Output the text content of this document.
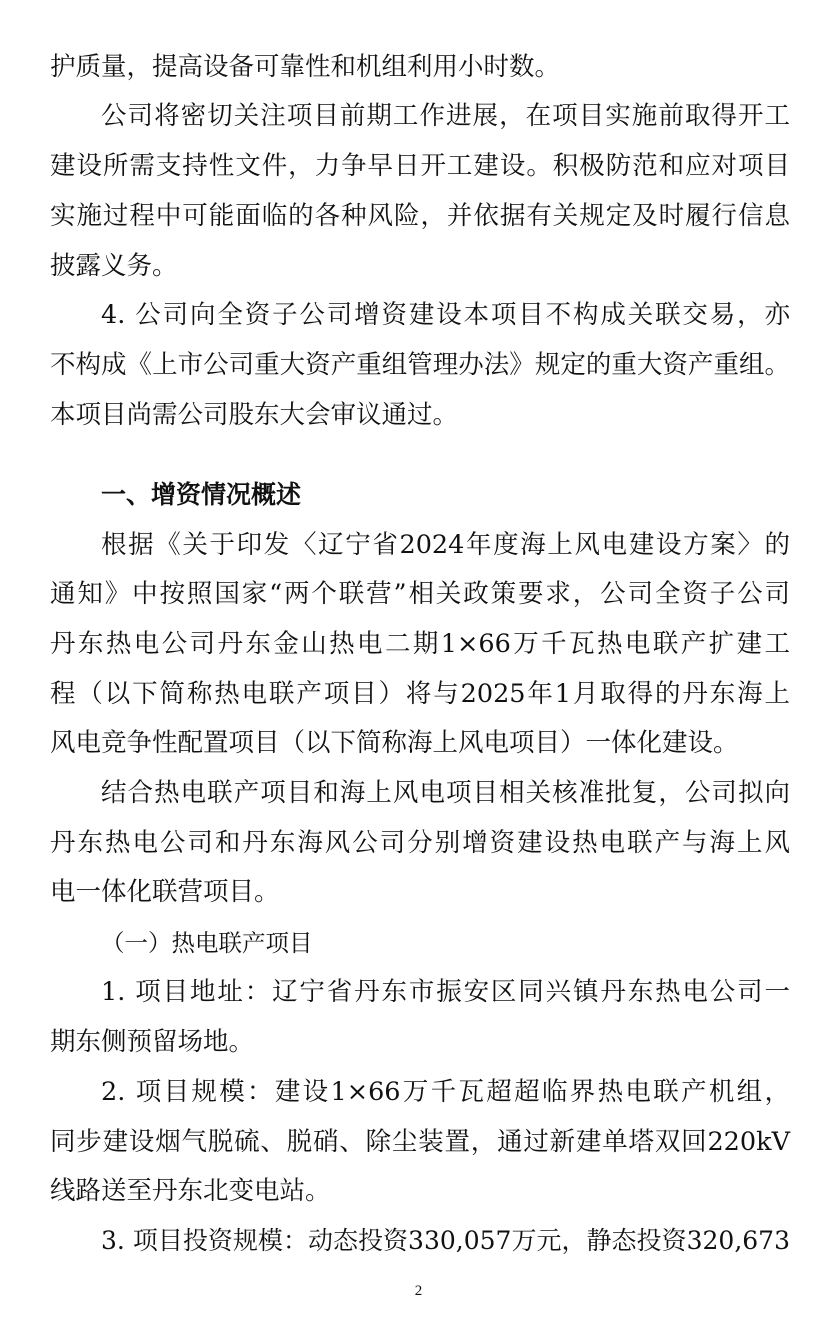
护质量，提高设备可靠性和机组利用小时数。
公司将密切关注项目前期工作进展，在项目实施前取得开工
建设所需支持性文件，力争早日开工建设。积极防范和应对项目
实施过程中可能面临的各种风险，并依据有关规定及时履行信息
披露义务。
4. 公司向全资子公司增资建设本项目不构成关联交易，亦
不构成《上市公司重大资产重组管理办法》规定的重大资产重组。
本项目尚需公司股东大会审议通过。
一、增资情况概述
根据《关于印发〈辽宁省2024年度海上风电建设方案〉的
通知》中按照国家“两个联营”相关政策要求，公司全资子公司
丹东热电公司丹东金山热电二期1×66万千瓦热电联产扩建工
程（以下简称热电联产项目）将与2025年1月取得的丹东海上
风电竞争性配置项目（以下简称海上风电项目）一体化建设。
结合热电联产项目和海上风电项目相关核准批复，公司拟向
丹东热电公司和丹东海风公司分别增资建设热电联产与海上风
电一体化联营项目。
（一）热电联产项目
1. 项目地址：辽宁省丹东市振安区同兴镇丹东热电公司一
期东侧预留场地。
2. 项目规模：建设1×66万千瓦超超临界热电联产机组，
同步建设烟气脱硫、脱硝、除尘装置，通过新建单塔双回220kV
线路送至丹东北变电站。
3. 项目投资规模：动态投资330,057万元，静态投资320,673
2
